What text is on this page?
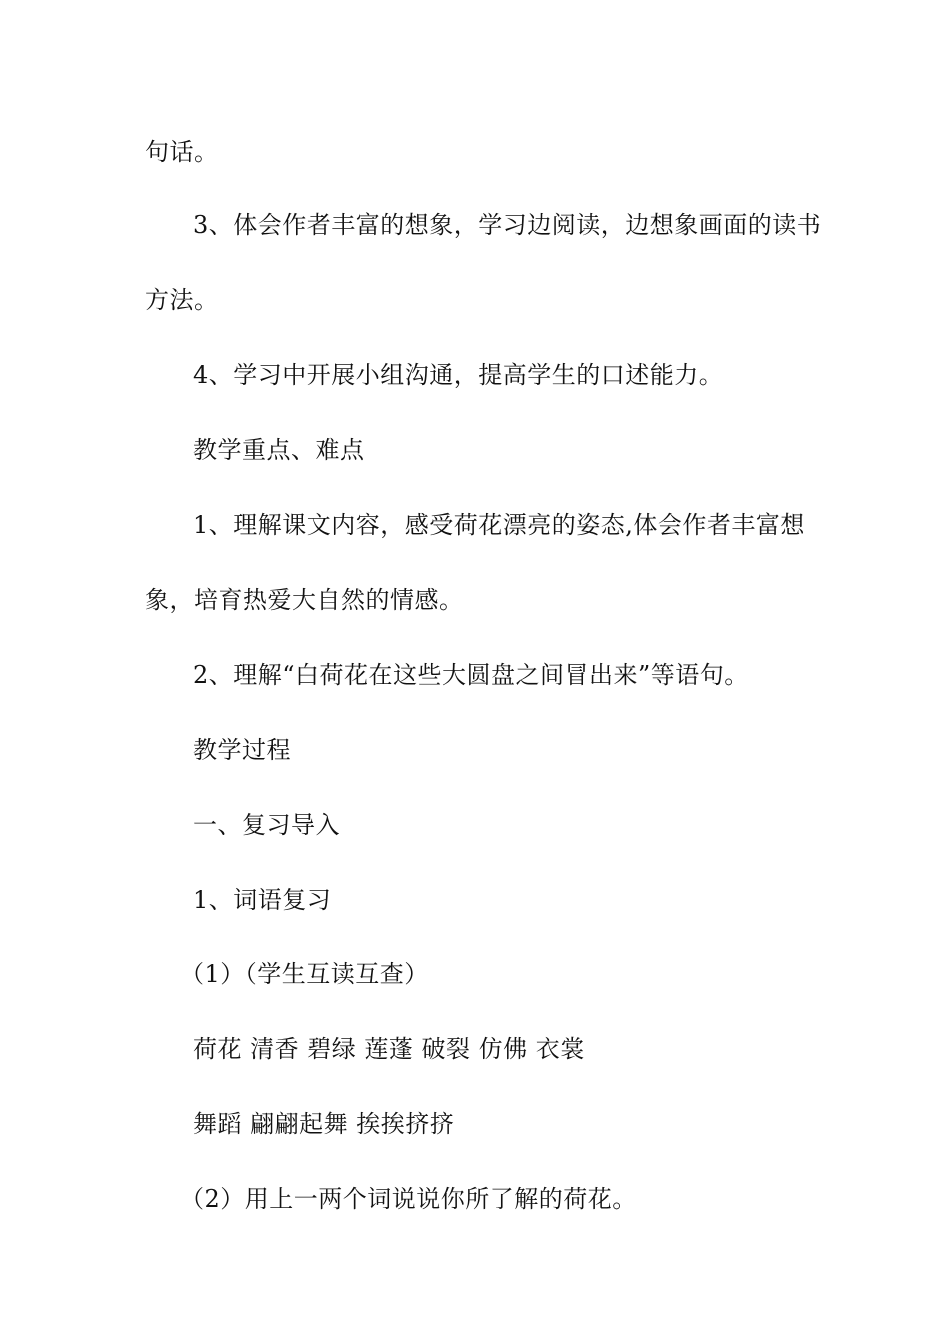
句话。
3、体会作者丰富的想象，学习边阅读，边想象画面的读书
方法。
4、学习中开展小组沟通，提高学生的口述能力。
教学重点、难点
1、理解课文内容，感受荷花漂亮的姿态,体会作者丰富想
象，培育热爱大自然的情感。
2、理解“白荷花在这些大圆盘之间冒出来”等语句。
教学过程
一、复习导入
1、词语复习
（1）（学生互读互查）
荷花 清香 碧绿 莲蓬 破裂 仿佛 衣裳
舞蹈 翩翩起舞 挨挨挤挤
（2）用上一两个词说说你所了解的荷花。
